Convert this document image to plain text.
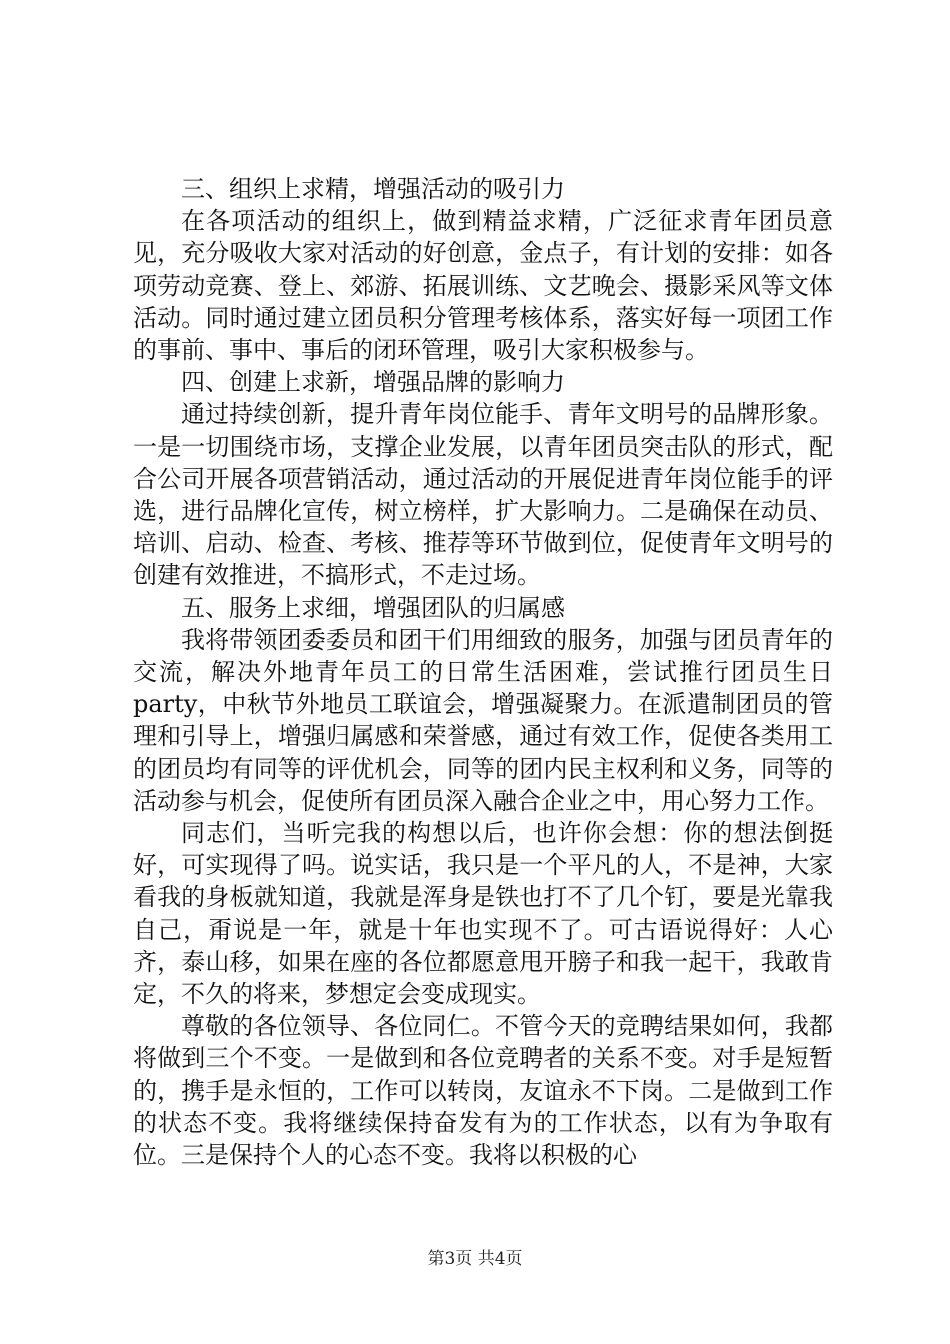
三、组织上求精，增强活动的吸引力

在各项活动的组织上，做到精益求精，广泛征求青年团员意见，充分吸收大家对活动的好创意，金点子，有计划的安排：如各项劳动竞赛、登上、郊游、拓展训练、文艺晚会、摄影采风等文体活动。同时通过建立团员积分管理考核体系，落实好每一项团工作的事前、事中、事后的闭环管理，吸引大家积极参与。

四、创建上求新，增强品牌的影响力

通过持续创新，提升青年岗位能手、青年文明号的品牌形象。一是一切围绕市场，支撑企业发展，以青年团员突击队的形式，配合公司开展各项营销活动，通过活动的开展促进青年岗位能手的评选，进行品牌化宣传，树立榜样，扩大影响力。二是确保在动员、培训、启动、检查、考核、推荐等环节做到位，促使青年文明号的创建有效推进，不搞形式，不走过场。

五、服务上求细，增强团队的归属感

我将带领团委委员和团干们用细致的服务，加强与团员青年的交流，解决外地青年员工的日常生活困难，尝试推行团员生日party，中秋节外地员工联谊会，增强凝聚力。在派遣制团员的管理和引导上，增强归属感和荣誉感，通过有效工作，促使各类用工的团员均有同等的评优机会，同等的团内民主权利和义务，同等的活动参与机会，促使所有团员深入融合企业之中，用心努力工作。

同志们，当听完我的构想以后，也许你会想：你的想法倒挺好，可实现得了吗。说实话，我只是一个平凡的人，不是神，大家看我的身板就知道，我就是浑身是铁也打不了几个钉，要是光靠我自己，甭说是一年，就是十年也实现不了。可古语说得好：人心齐，泰山移，如果在座的各位都愿意甩开膀子和我一起干，我敢肯定，不久的将来，梦想定会变成现实。

尊敬的各位领导、各位同仁。不管今天的竞聘结果如何，我都将做到三个不变。一是做到和各位竞聘者的关系不变。对手是短暂的，携手是永恒的，工作可以转岗，友谊永不下岗。二是做到工作的状态不变。我将继续保持奋发有为的工作状态，以有为争取有位。三是保持个人的心态不变。我将以积极的心

第3页 共4页
